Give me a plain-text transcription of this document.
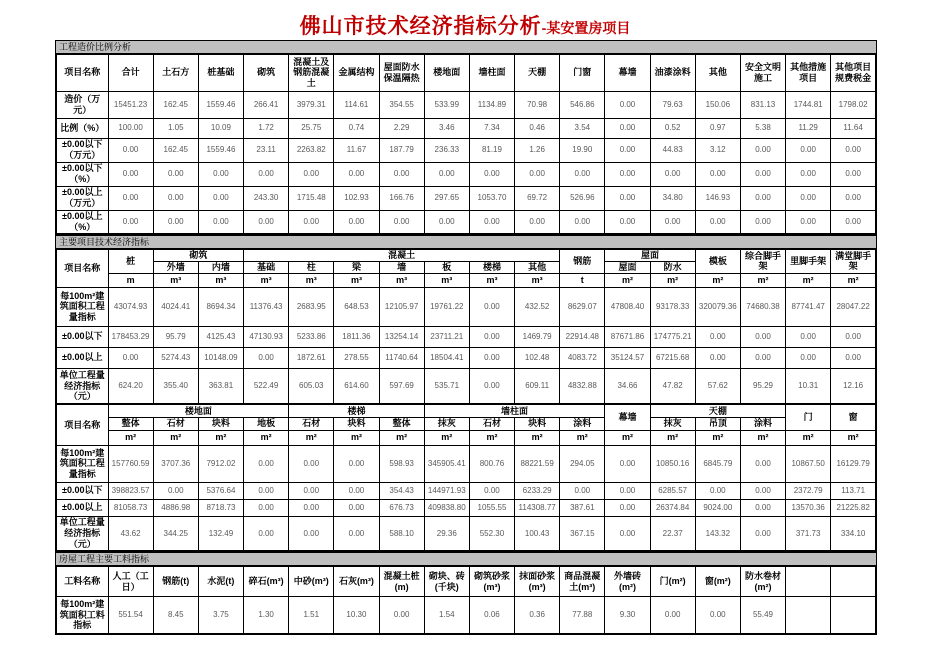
佛山市技术经济指标分析-某安置房项目
工程造价比例分析
项目名称	合计	土石方	桩基础	砌筑	混凝土及钢筋混凝土	金属结构	屋面防水保温隔热	楼地面	墙柱面	天棚	门窗	幕墙	油漆涂料	其他	安全文明施工	其他措施项目	其他项目规费税金
造价（万元）	15451.23	162.45	1559.46	266.41	3979.31	114.61	354.55	533.99	1134.89	70.98	546.86	0.00	79.63	150.06	831.13	1744.81	1798.02
比例（%）	100.00	1.05	10.09	1.72	25.75	0.74	2.29	3.46	7.34	0.46	3.54	0.00	0.52	0.97	5.38	11.29	11.64
±0.00以下（万元）	0.00	162.45	1559.46	23.11	2263.82	11.67	187.79	236.33	81.19	1.26	19.90	0.00	44.83	3.12	0.00	0.00	0.00
±0.00以下（%）	0.00	0.00	0.00	0.00	0.00	0.00	0.00	0.00	0.00	0.00	0.00	0.00	0.00	0.00	0.00	0.00	0.00
±0.00以上（万元）	0.00	0.00	0.00	243.30	1715.48	102.93	166.76	297.65	1053.70	69.72	526.96	0.00	34.80	146.93	0.00	0.00	0.00
±0.00以上（%）	0.00	0.00	0.00	0.00	0.00	0.00	0.00	0.00	0.00	0.00	0.00	0.00	0.00	0.00	0.00	0.00	0.00
主要项目技术经济指标
项目名称	桩	砌筑		混凝土							钢筋	屋面		模板	综合脚手架	里脚手架	满堂脚手架
		外墙	内墙	基础	柱	梁	墙	板	楼梯	其他		屋面	防水				
	m	m³	m³	m³	m³	m³	m³	m³	m³	m³	t	m²	m²	m²	m²	m²	m²
每100m²建筑面积工程量指标	43074.93	4024.41	8694.34	11376.43	2683.95	648.53	12105.97	19761.22	0.00	432.52	8629.07	47808.40	93178.33	320079.36	74680.38	87741.47	28047.22
±0.00以下	178453.29	95.79	4125.43	47130.93	5233.86	1811.36	13254.14	23711.21	0.00	1469.79	22914.48	87671.86	174775.21	0.00	0.00	0.00	0.00
±0.00以上	0.00	5274.43	10148.09	0.00	1872.61	278.55	11740.64	18504.41	0.00	102.48	4083.72	35124.57	67215.68	0.00	0.00	0.00	0.00
单位工程量经济指标（元）	624.20	355.40	363.81	522.49	605.03	614.60	597.69	535.71	0.00	609.11	4832.88	34.66	47.82	57.62	95.29	10.31	12.16
项目名称	楼地面				楼梯			墙柱面				幕墙	天棚			门	窗
	整体	石材	块料	地板	石材	块料	整体	抹灰	石材	块料	涂料		抹灰	吊顶	涂料		
	m²	m²	m²	m²	m²	m²	m²	m²	m²	m²	m²	m²	m²	m²	m²	m²	m²
每100m²建筑面积工程量指标	157760.59	3707.36	7912.02	0.00	0.00	0.00	598.93	345905.41	800.76	88221.59	294.05	0.00	10850.16	6845.79	0.00	10867.50	16129.79
±0.00以下	398823.57	0.00	5376.64	0.00	0.00	0.00	354.43	144971.93	0.00	6233.29	0.00	0.00	6285.57	0.00	0.00	2372.79	113.71
±0.00以上	81058.73	4886.98	8718.73	0.00	0.00	0.00	676.73	409838.80	1055.55	114308.77	387.61	0.00	26374.84	9024.00	0.00	13570.36	21225.82
单位工程量经济指标（元）	43.62	344.25	132.49	0.00	0.00	0.00	588.10	29.36	552.30	100.43	367.15	0.00	22.37	143.32	0.00	371.73	334.10
房屋工程主要工料指标
工料名称	人工（工日）	钢筋(t)	水泥(t)	碎石(m³)	中砂(m³)	石灰(m³)	混凝土桩(m)	砌块、砖(千块)	砌筑砂浆(m³)	抹面砂浆(m³)	商品混凝土(m³)	外墙砖(m²)	门(m²)	窗(m²)	防水卷材(m²)		
每100m²建筑面积工料指标	551.54	8.45	3.75	1.30	1.51	10.30	0.00	1.54	0.06	0.36	77.88	9.30	0.00	0.00	55.49		
